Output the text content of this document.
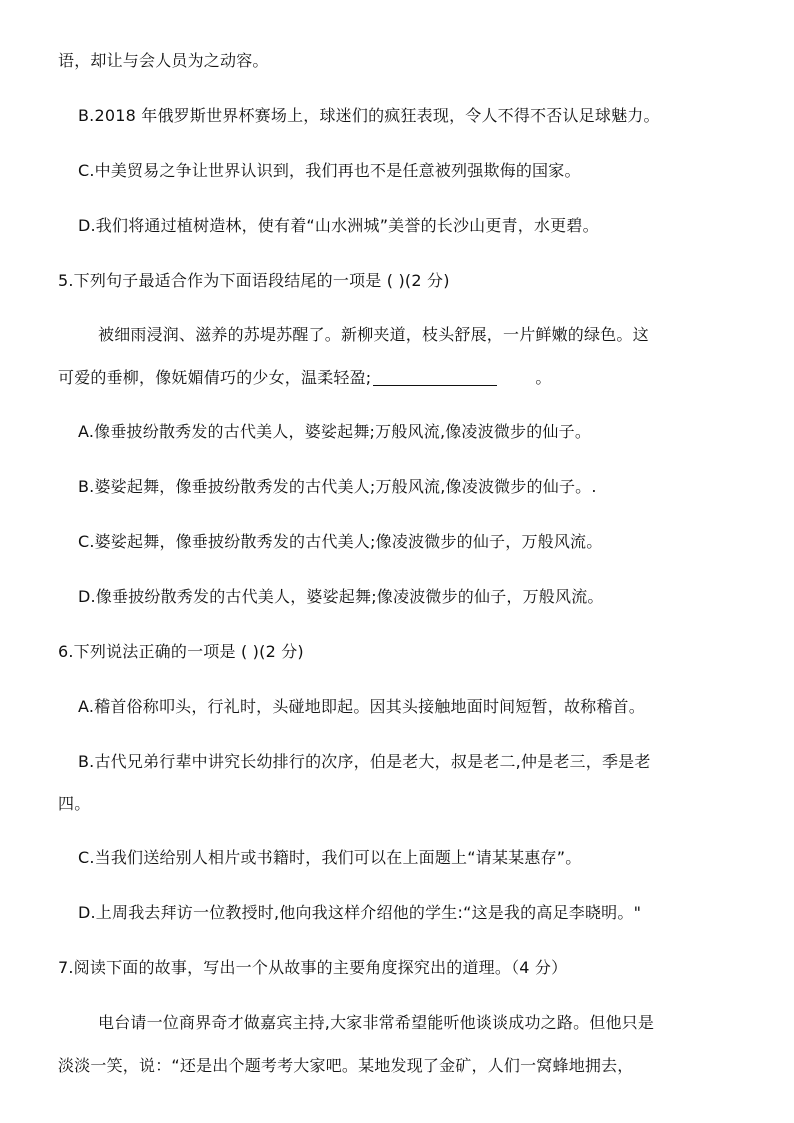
语，却让与会人员为之动容。
B.2018 年俄罗斯世界杯赛场上，球迷们的疯狂表现，令人不得不否认足球魅力。
C.中美贸易之争让世界认识到，我们再也不是任意被列强欺侮的国家。
D.我们将通过植树造林，使有着“山水洲城”美誉的长沙山更青，水更碧。
5.下列句子最适合作为下面语段结尾的一项是 ( )(2 分)
被细雨浸润、滋养的苏堤苏醒了。新柳夹道，枝头舒展，一片鲜嫩的绿色。这
可爱的垂柳，像妩媚倩巧的少女，温柔轻盈;	。
A.像垂披纷散秀发的古代美人，婆娑起舞;万般风流,像凌波微步的仙子。
B.婆娑起舞，像垂披纷散秀发的古代美人;万般风流,像凌波微步的仙子。.
C.婆娑起舞，像垂披纷散秀发的古代美人;像凌波微步的仙子，万般风流。
D.像垂披纷散秀发的古代美人，婆娑起舞;像凌波微步的仙子，万般风流。
6.下列说法正确的一项是 ( )(2 分)
A.稽首俗称叩头，行礼时，头碰地即起。因其头接触地面时间短暂，故称稽首。
B.古代兄弟行辈中讲究长幼排行的次序，伯是老大，叔是老二,仲是老三，季是老
四。
C.当我们送给别人相片或书籍时，我们可以在上面题上“请某某惠存”。
D.上周我去拜访一位教授时,他向我这样介绍他的学生:“这是我的高足李晓明。"
7.阅读下面的故事，写出一个从故事的主要角度探究出的道理。（4 分）
电台请一位商界奇才做嘉宾主持,大家非常希望能听他谈谈成功之路。但他只是
淡淡一笑，说：“还是出个题考考大家吧。某地发现了金矿，人们一窝蜂地拥去，
